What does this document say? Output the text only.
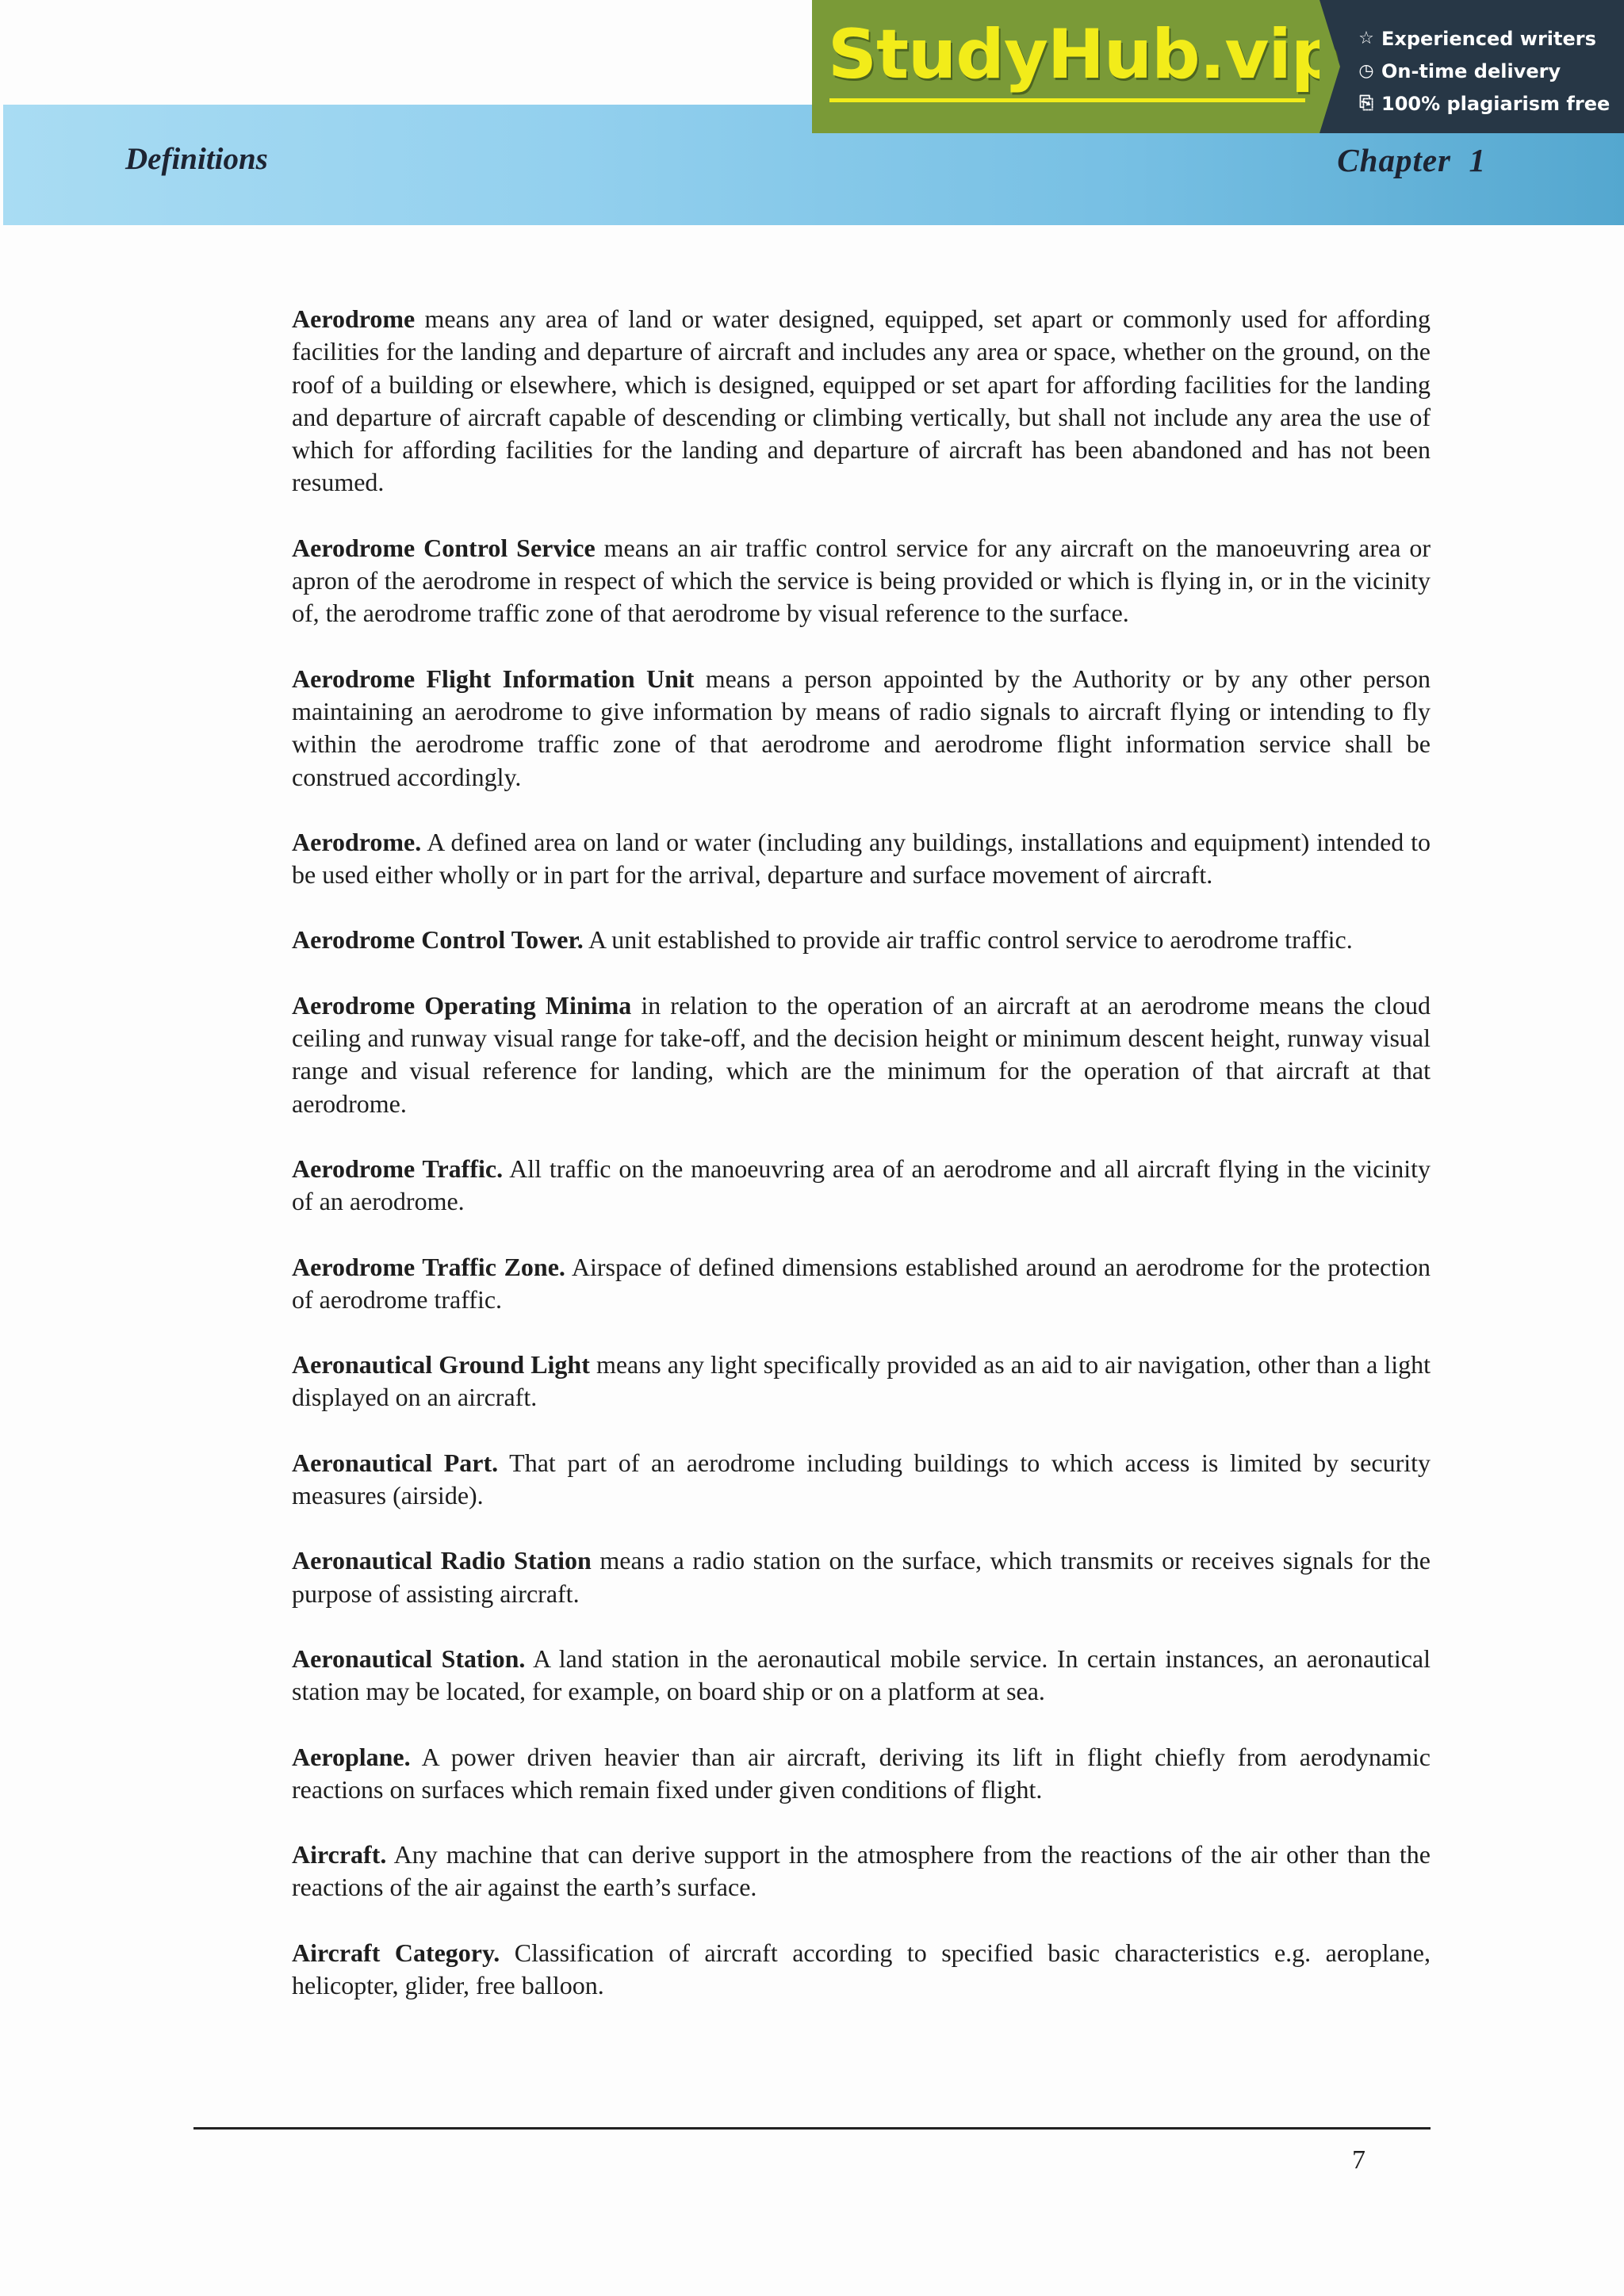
Definitions	Chapter  1
StudyHub.vip ☆ Experienced writers
◷ On-time delivery
⎘ 100% plagiarism free

Aerodrome means any area of land or water designed, equipped, set apart or commonly used for affording facilities for the landing and departure of aircraft and includes any area or space, whether on the ground, on the roof of a building or elsewhere, which is designed, equipped or set apart for affording facilities for the landing and departure of aircraft capable of descending or climbing vertically, but shall not include any area the use of which for affording facilities for the landing and departure of aircraft has been abandoned and has not been resumed.

Aerodrome Control Service means an air traffic control service for any aircraft on the manoeuvring area or apron of the aerodrome in respect of which the service is being provided or which is flying in, or in the vicinity of, the aerodrome traffic zone of that aerodrome by visual reference to the surface.

Aerodrome Flight Information Unit means a person appointed by the Authority or by any other person maintaining an aerodrome to give information by means of radio signals to aircraft flying or intending to fly within the aerodrome traffic zone of that aerodrome and aerodrome flight information service shall be construed accordingly.

Aerodrome. A defined area on land or water (including any buildings, installations and equipment) intended to be used either wholly or in part for the arrival, departure and surface movement of aircraft.

Aerodrome Control Tower. A unit established to provide air traffic control service to aerodrome traffic.

Aerodrome Operating Minima in relation to the operation of an aircraft at an aerodrome means the cloud ceiling and runway visual range for take-off, and the decision height or minimum descent height, runway visual range and visual reference for landing, which are the minimum for the operation of that aircraft at that aerodrome.

Aerodrome Traffic. All traffic on the manoeuvring area of an aerodrome and all aircraft flying in the vicinity of an aerodrome.

Aerodrome Traffic Zone. Airspace of defined dimensions established around an aerodrome for the protection of aerodrome traffic.

Aeronautical Ground Light means any light specifically provided as an aid to air navigation, other than a light displayed on an aircraft.

Aeronautical Part. That part of an aerodrome including buildings to which access is limited by security measures (airside).

Aeronautical Radio Station means a radio station on the surface, which transmits or receives signals for the purpose of assisting aircraft.

Aeronautical Station. A land station in the aeronautical mobile service. In certain instances, an aeronautical station may be located, for example, on board ship or on a platform at sea.

Aeroplane. A power driven heavier than air aircraft, deriving its lift in flight chiefly from aerodynamic reactions on surfaces which remain fixed under given conditions of flight.

Aircraft. Any machine that can derive support in the atmosphere from the reactions of the air other than the reactions of the air against the earth’s surface.

Aircraft Category. Classification of aircraft according to specified basic characteristics e.g. aeroplane, helicopter, glider, free balloon.

7
